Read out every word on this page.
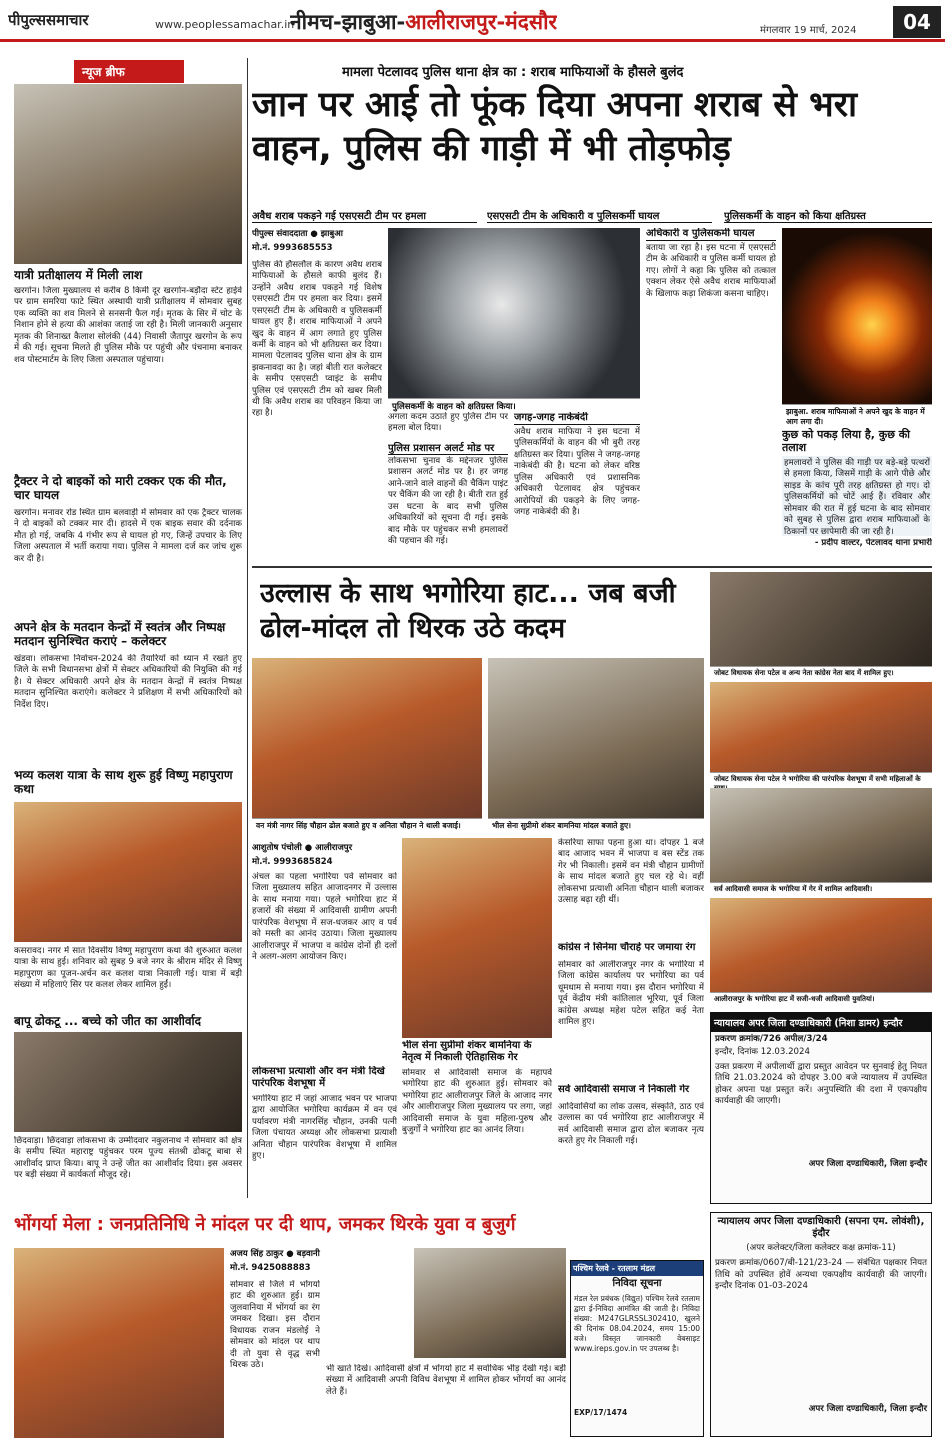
पीपुल्ससमाचार	www.peoplessamachar.in
नीमच-झाबुआ-आलीराजपुर-मंदसौर	मंगलवार 19 मार्च, 2024	04
न्यूज ब्रीफ
यात्री प्रतीक्षालय में मिली लाश
खरगोन। जिला मुख्यालय से करीब 8 किमी दूर खरगोन-बड़ौदा स्टेट हाईवे पर ग्राम समरिया फाटे स्थित अस्थायी यात्री प्रतीक्षालय में सोमवार सुबह एक व्यक्ति का शव मिलने से सनसनी फैल गई। मृतक के सिर में चोट के निशान होने से हत्या की आशंका जताई जा रही है। मिली जानकारी अनुसार मृतक की शिनाख्त कैलाश सोलंकी (44) निवासी जैतापुर खरगोन के रूप में की गई। सूचना मिलते ही पुलिस मौके पर पहुंची और पंचनामा बनाकर शव पोस्टमार्टम के लिए जिला अस्पताल पहुंचाया।
ट्रैक्टर ने दो बाइकों को मारी टक्कर एक की मौत, चार घायल
खरगोन। मनावर रोड स्थित ग्राम बलवाड़ी में सोमवार को एक ट्रैक्टर चालक ने दो बाइकों को टक्कर मार दी। हादसे में एक बाइक सवार की दर्दनाक मौत हो गई, जबकि 4 गंभीर रूप से घायल हो गए, जिन्हें उपचार के लिए जिला अस्पताल में भर्ती कराया गया। पुलिस ने मामला दर्ज कर जांच शुरू कर दी है।
अपने क्षेत्र के मतदान केन्द्रों में स्वतंत्र और निष्पक्ष मतदान सुनिश्चित कराएं – कलेक्टर
खंडवा। लोकसभा निर्वाचन-2024 की तैयारियों को ध्यान में रखते हुए जिले के सभी विधानसभा क्षेत्रों में सेक्टर अधिकारियों की नियुक्ति की गई है। ये सेक्टर अधिकारी अपने क्षेत्र के मतदान केन्द्रों में स्वतंत्र निष्पक्ष मतदान सुनिश्चित कराएंगे। कलेक्टर ने प्रशिक्षण में सभी अधिकारियों को निर्देश दिए।
भव्य कलश यात्रा के साथ शुरू हुई विष्णु महापुराण कथा
कसरावद। नगर में सात दिवसीय विष्णु महापुराण कथा की शुरुआत कलश यात्रा के साथ हुई। शनिवार को सुबह 9 बजे नगर के श्रीराम मंदिर से विष्णु महापुराण का पूजन-अर्चन कर कलश यात्रा निकाली गई। यात्रा में बड़ी संख्या में महिलाएं सिर पर कलश लेकर शामिल हुईं।
बापू ढोकटू ... बच्चे को जीत का आशीर्वाद
छिंदवाड़ा। छिंदवाड़ा लोकसभा के उम्मीदवार नकुलनाथ ने सोमवार को क्षेत्र के समीप स्थित महाराष्ट्र पहुंचकर परम पूज्य संतश्री ढोकटू बाबा से आशीर्वाद प्राप्त किया। बापू ने उन्हें जीत का आशीर्वाद दिया। इस अवसर पर बड़ी संख्या में कार्यकर्ता मौजूद रहे।
मामला पेटलावद पुलिस थाना क्षेत्र का : शराब माफियाओं के हौसले बुलंद
जान पर आई तो फूंक दिया अपना शराब से भरा वाहन, पुलिस की गाड़ी में भी तोड़फोड़
अवैध शराब पकड़ने गई एसएसटी टीम पर हमला	एसएसटी टीम के अधिकारी व पुलिसकर्मी घायल	पुलिसकर्मी के वाहन को किया क्षतिग्रस्त
पीपुल्स संवाददाता ● झाबुआ
मो.नं. 9993685553
पुलिस की हौसलौल के कारण अवैध शराब माफियाओं के हौसले काफी बुलंद हैं। उन्होंने अवैध शराब पकड़ने गई विशेष एसएसटी टीम पर हमला कर दिया। इसमें एसएसटी टीम के अधिकारी व पुलिसकर्मी घायल हुए हैं। शराब माफियाओं ने अपने खुद के वाहन में आग लगाते हुए पुलिस कर्मी के वाहन को भी क्षतिग्रस्त कर दिया। मामला पेटलावद पुलिस थाना क्षेत्र के ग्राम झकनावदा का है। जहां बीती रात कलेक्टर के समीप एसएसटी प्वाइंट के समीप पुलिस एवं एसएसटी टीम को खबर मिली थी कि अवैध शराब का परिवहन किया जा रहा है।
पुलिसकर्मी के वाहन को क्षतिग्रस्त किया।
अगला कदम उठाते हुए पुलिस टीम पर हमला बोल दिया।
पुलिस प्रशासन अलर्ट मोड पर
लोकसभा चुनाव के मद्देनजर पुलिस प्रशासन अलर्ट मोड पर है। हर जगह आने-जाने वाले वाहनों की चैकिंग पाइंट पर चैकिंग की जा रही है। बीती रात हुई उस घटना के बाद सभी पुलिस अधिकारियों को सूचना दी गई। इसके बाद मौके पर पहुंचकर सभी हमलावरों की पहचान की गई।
जगह-जगह नाकेबंदी
अवैध शराब माफिया ने इस घटना में पुलिसकर्मियों के वाहन की भी बुरी तरह क्षतिग्रस्त कर दिया। पुलिस ने जगह-जगह नाकेबंदी की है। घटना को लेकर वरिष्ठ पुलिस अधिकारी एवं प्रशासनिक अधिकारी पेटलावद क्षेत्र पहुंचकर आरोपियों की पकड़ने के लिए जगह-जगह नाकेबंदी की है।
अधिकारी व पुलिसकर्मी घायल
बताया जा रहा है। इस घटना में एसएसटी टीम के अधिकारी व पुलिस कर्मी घायल हो गए। लोगों ने कहा कि पुलिस को तत्काल एक्शन लेकर ऐसे अवैध शराब माफियाओं के खिलाफ कड़ा शिकंजा कसना चाहिए।
झाबुआ. शराब माफियाओं ने अपने खुद के वाहन में आग लगा दी।
कुछ को पकड़ लिया है, कुछ की तलाश
हमलावरों ने पुलिस की गाड़ी पर बड़े-बड़े पत्थरों से हमला किया, जिसमें गाड़ी के आगे पीछे और साइड के कांच पूरी तरह क्षतिग्रस्त हो गए। दो पुलिसकर्मियों को चोटें आई हैं। रविवार और सोमवार की रात में हुई घटना के बाद सोमवार को सुबह से पुलिस द्वारा शराब माफियाओं के ठिकानों पर छापेमारी की जा रही है।
- प्रदीप वाल्टर, पेटलावद थाना प्रभारी
उल्लास के साथ भगोरिया हाट... जब बजी ढोल-मांदल तो थिरक उठे कदम
वन मंत्री नागर सिंह चौहान ढोल बजाते हुए व अनिता चौहान ने थाली बजाई।	भील सेना सुप्रीमो शंकर बामनिया मांदल बजाते हुए।
आशुतोष पंचोली ● आलीराजपुर
मो.नं. 9993685824
अंचल का पहला भगोरिया पर्व सोमवार को जिला मुख्यालय सहित आजादनगर में उल्लास के साथ मनाया गया। पहले भगोरिया हाट में हजारों की संख्या में आदिवासी ग्रामीण अपनी पारंपरिक वेशभूषा में सज-धजकर आए व पर्व को मस्ती का आनंद उठाया। जिला मुख्यालय आलीराजपुर में भाजपा व कांग्रेस दोनों ही दलों ने अलग-अलग आयोजन किए।
लोकसभा प्रत्याशी और वन मंत्री दिखे पारंपरिक वेशभूषा में
भगोरिया हाट में जहां आजाद भवन पर भाजपा द्वारा आयोजित भगोरिया कार्यक्रम में वन एवं पर्यावरण मंत्री नागरसिंह चौहान, उनकी पत्नी जिला पंचायत अध्यक्ष और लोकसभा प्रत्याशी अनिता चौहान पारंपरिक वेशभूषा में शामिल हुए।
भील सेना सुप्रीमो शंकर बामनिया के नेतृत्व में निकाली ऐतिहासिक गेर
सोमवार से आदिवासी समाज के महापर्व भगोरिया हाट की शुरुआत हुई। सोमवार को भगोरिया हाट आलीराजपुर जिले के आजाद नगर और आलीराजपुर जिला मुख्यालय पर लगा, जहां आदिवासी समाज के युवा महिला-पुरुष और बुजुर्गों ने भगोरिया हाट का आनंद लिया।
केसरिया साफा पहना हुआ था। दोपहर 1 बजे बाद आजाद भवन में भाजपा व बस स्टेंड तक गेर भी निकाली। इसमें वन मंत्री चौहान ग्रामीणों के साथ मांदल बजाते हुए चल रहे थे। वहीं लोकसभा प्रत्याशी अनिता चौहान थाली बजाकर उत्साह बढ़ा रही थीं।
कांग्रेस ने सिनेमा चौराहे पर जमाया रंग
सोमवार को आलीराजपुर नगर के भगोरिया में जिला कांग्रेस कार्यालय पर भगोरिया का पर्व धूमधाम से मनाया गया। इस दौरान भगोरिया में पूर्व केंद्रीय मंत्री कांतिलाल भूरिया, पूर्व जिला कांग्रेस अध्यक्ष महेश पटेल सहित कई नेता शामिल हुए।
सर्व आदिवासी समाज ने निकाली गेर
आदिवासियों का लोक उत्सव, संस्कृति, ठाठ एवं उल्लास का पर्व भगोरिया हाट आलीराजपुर में सर्व आदिवासी समाज द्वारा ढोल बजाकर नृत्य करते हुए गेर निकाली गई।
जोबट विधायक सेना पटेल व अन्य नेता कांग्रेस नेता बाद में शामिल हुए।
जोबट विधायक सेना पटेल ने भगोरिया की पारंपरिक वेशभूषा में सभी महिलाओं के
सर्व आदिवासी समाज के भगोरिया में गेर में शामिल आदिवासी।
आलीराजपुर के भगोरिया हाट में सजी-धजी आदिवासी युवतियां।
न्यायालय अपर जिला दण्डाधिकारी (निशा डामर) इन्दौर
प्रकरण क्रमांक/726 अपील/3/24
इन्दौर, दिनांक 12.03.2024
उक्त प्रकरण में अपीलार्थी द्वारा प्रस्तुत आवेदन पर सुनवाई हेतु नियत तिथि 21.03.2024 को दोपहर 3.00 बजे न्यायालय में उपस्थित होकर अपना पक्ष प्रस्तुत करें। अनुपस्थिति की दशा में एकपक्षीय कार्यवाही की जाएगी।
अपर जिला दण्डाधिकारी, जिला इन्दौर
न्यायालय अपर जिला दण्डाधिकारी (सपना एम. लोवंशी), इंदौर
(अपर कलेक्टर/जिला कलेक्टर कक्ष क्रमांक-11)
प्रकरण क्रमांक/0607/बी-121/23-24 — संबंधित पक्षकार नियत तिथि को उपस्थित होवें अन्यथा एकपक्षीय कार्यवाही की जाएगी। इन्दौर दिनांक 01-03-2024
अपर जिला दण्डाधिकारी, जिला इन्दौर
पश्चिम रेलवे - रतलाम मंडल
निविदा सूचना
मंडल रेल प्रबंधक (विद्युत) पश्चिम रेलवे रतलाम द्वारा ई-निविदा आमंत्रित की जाती है। निविदा संख्या: M247GLRSSL302410, खुलने की दिनांक 08.04.2024, समय 15:00 बजे। विस्तृत जानकारी वेबसाइट www.ireps.gov.in पर उपलब्ध है।
EXP/17/1474
भोंगर्या मेला : जनप्रतिनिधि ने मांदल पर दी थाप, जमकर थिरके युवा व बुजुर्ग
अजय सिंह ठाकुर ● बड़वानी
मो.नं. 9425088883
सोमवार से जिले में भोंगर्या हाट की शुरुआत हुई। ग्राम जुलवानिया में भोंगर्या का रंग जमकर दिखा। इस दौरान विधायक राजन मंडलोई ने सोमवार को मांदल पर थाप दी तो युवा से वृद्ध सभी थिरक उठे।	भी खाते दिखे। आदिवासी क्षेत्रों में भोंगर्या हाट में सर्वाधिक भीड़ देखी गई। बड़ी संख्या में आदिवासी अपनी विविध वेशभूषा में शामिल होकर भोंगर्या का आनंद लेते हैं।
